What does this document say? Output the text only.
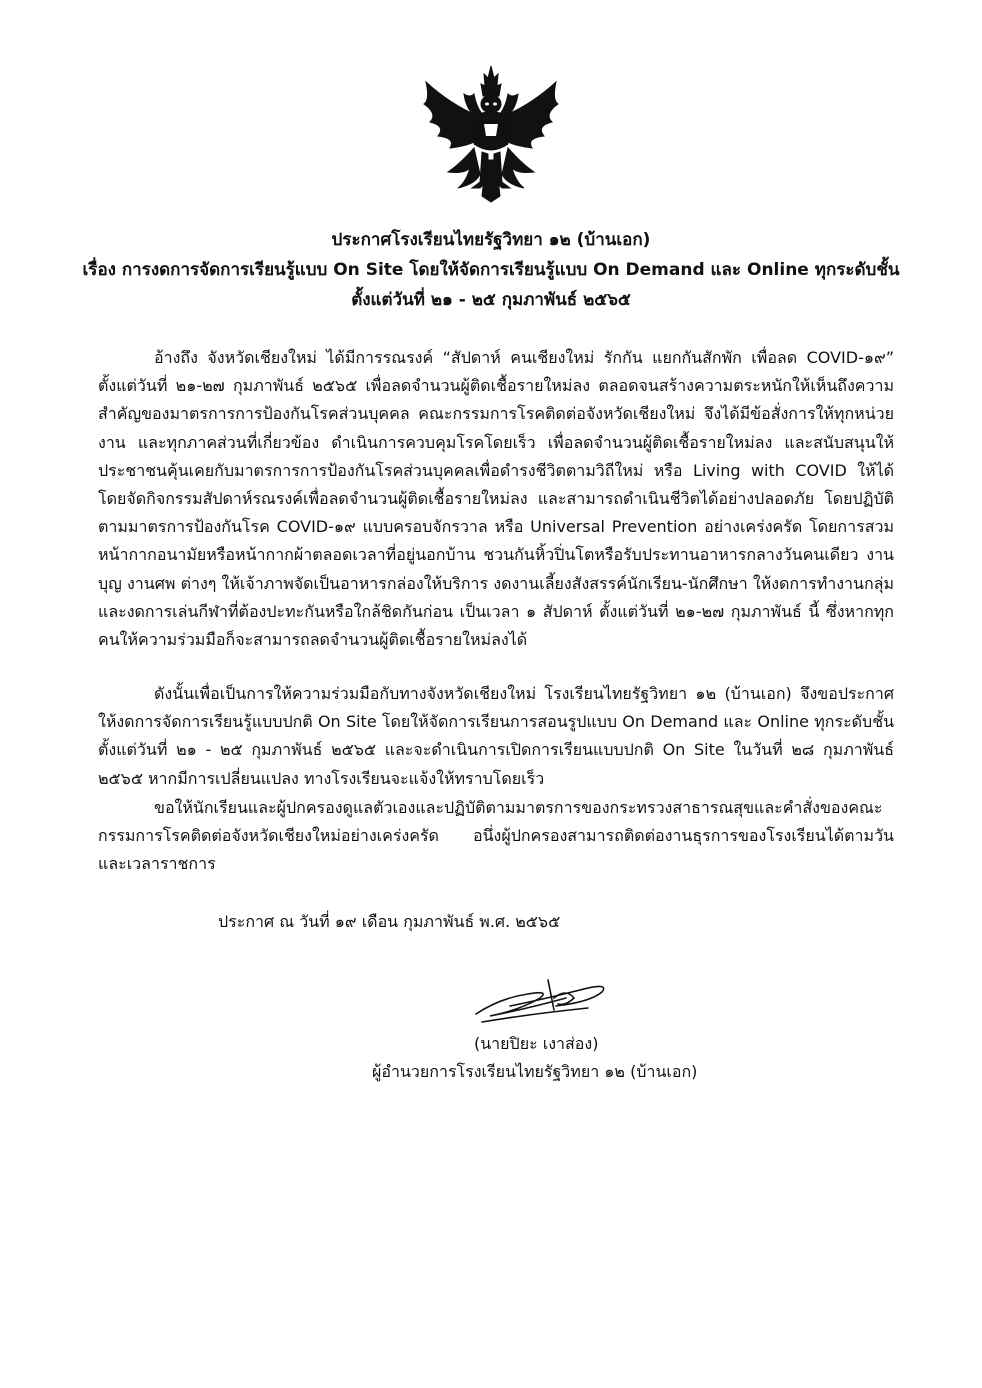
ประกาศโรงเรียนไทยรัฐวิทยา ๑๒ (บ้านเอก)
เรื่อง การงดการจัดการเรียนรู้แบบ On Site โดยให้จัดการเรียนรู้แบบ On Demand และ Online ทุกระดับชั้น
ตั้งแต่วันที่ ๒๑ - ๒๕ กุมภาพันธ์ ๒๕๖๕
อ้างถึง จังหวัดเชียงใหม่ ได้มีการรณรงค์ “สัปดาห์ คนเชียงใหม่ รักกัน แยกกันสักพัก เพื่อลด COVID-๑๙” ตั้งแต่วันที่ ๒๑-๒๗ กุมภาพันธ์ ๒๕๖๕ เพื่อลดจำนวนผู้ติดเชื้อรายใหม่ลง ตลอดจนสร้างความตระหนักให้เห็นถึงความสำคัญของมาตรการการป้องกันโรคส่วนบุคคล คณะกรรมการโรคติดต่อจังหวัดเชียงใหม่ จึงได้มีข้อสั่งการให้ทุกหน่วยงาน และทุกภาคส่วนที่เกี่ยวข้อง ดำเนินการควบคุมโรคโดยเร็ว เพื่อลดจำนวนผู้ติดเชื้อรายใหม่ลง และสนับสนุนให้ประชาชนคุ้นเคยกับมาตรการการป้องกันโรคส่วนบุคคลเพื่อดำรงชีวิตตามวิถีใหม่ หรือ Living with COVID ให้ได้ โดยจัดกิจกรรมสัปดาห์รณรงค์เพื่อลดจำนวนผู้ติดเชื้อรายใหม่ลง และสามารถดำเนินชีวิตได้อย่างปลอดภัย โดยปฏิบัติตามมาตรการป้องกันโรค COVID-๑๙ แบบครอบจักรวาล หรือ Universal Prevention อย่างเคร่งครัด โดยการสวมหน้ากากอนามัยหรือหน้ากากผ้าตลอดเวลาที่อยู่นอกบ้าน ชวนกันหิ้วปิ่นโตหรือรับประทานอาหารกลางวันคนเดียว งานบุญ งานศพ ต่างๆ ให้เจ้าภาพจัดเป็นอาหารกล่องให้บริการ งดงานเลี้ยงสังสรรค์นักเรียน-นักศึกษา ให้งดการทำงานกลุ่ม และงดการเล่นกีฬาที่ต้องปะทะกันหรือใกล้ชิดกันก่อน เป็นเวลา ๑ สัปดาห์ ตั้งแต่วันที่ ๒๑-๒๗ กุมภาพันธ์ นี้ ซึ่งหากทุกคนให้ความร่วมมือก็จะสามารถลดจำนวนผู้ติดเชื้อรายใหม่ลงได้
ดังนั้นเพื่อเป็นการให้ความร่วมมือกับทางจังหวัดเชียงใหม่ โรงเรียนไทยรัฐวิทยา ๑๒ (บ้านเอก) จึงขอประกาศให้งดการจัดการเรียนรู้แบบปกติ On Site โดยให้จัดการเรียนการสอนรูปแบบ On Demand และ Online ทุกระดับชั้น ตั้งแต่วันที่ ๒๑ - ๒๕ กุมภาพันธ์ ๒๕๖๕ และจะดำเนินการเปิดการเรียนแบบปกติ On Site ในวันที่ ๒๘ กุมภาพันธ์ ๒๕๖๕ หากมีการเปลี่ยนแปลง ทางโรงเรียนจะแจ้งให้ทราบโดยเร็ว
ขอให้นักเรียนและผู้ปกครองดูแลตัวเองและปฏิบัติตามมาตรการของกระทรวงสาธารณสุขและคำสั่งของคณะกรรมการโรคติดต่อจังหวัดเชียงใหม่อย่างเคร่งครัด อนึ่งผู้ปกครองสามารถติดต่องานธุรการของโรงเรียนได้ตามวัน และเวลาราชการ
ประกาศ ณ วันที่ ๑๙ เดือน กุมภาพันธ์ พ.ศ. ๒๕๖๕
(นายปิยะ เงาส่อง)
ผู้อำนวยการโรงเรียนไทยรัฐวิทยา ๑๒ (บ้านเอก)
